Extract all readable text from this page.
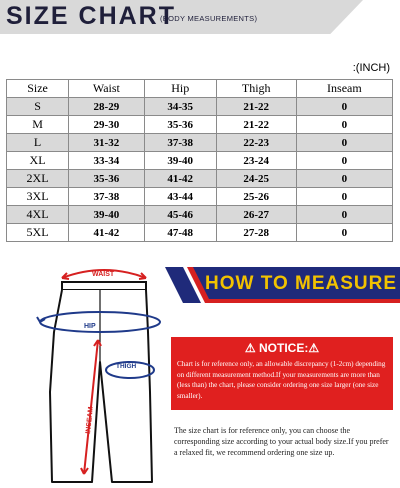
SIZE CHART
(BODY MEASUREMENTS)
:(INCH)
Size	Waist	Hip	Thigh	Inseam
S	28-29	34-35	21-22	0
M	29-30	35-36	21-22	0
L	31-32	37-38	22-23	0
XL	33-34	39-40	23-24	0
2XL	35-36	41-42	24-25	0
3XL	37-38	43-44	25-26	0
4XL	39-40	45-46	26-27	0
5XL	41-42	47-48	27-28	0
WAIST
HIP
THIGH
INSEAM
HOW TO MEASURE
⚠ NOTICE:⚠
Chart is for reference only, an allowable discrepancy (1-2cm) depending on different measurement method.If your measurements are more than (less than) the chart, please consider ordering one size larger (one size smaller).
The size chart is for reference only, you can choose the corresponding size according to your actual body size.If you prefer a relaxed fit, we recommend ordering one size up.
